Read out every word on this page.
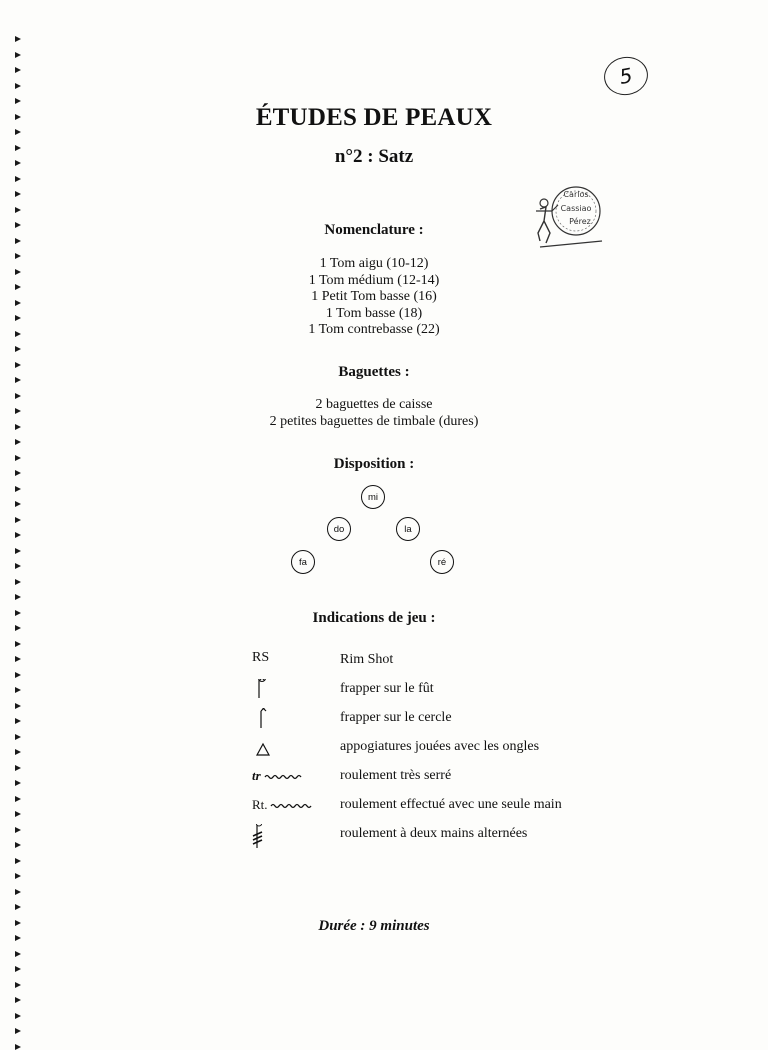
5
ÉTUDES DE PEAUX
n°2 : Satz
Carlos
Cassiao
Pérez
Nomenclature :
1 Tom aigu (10-12)
1 Tom médium (12-14)
1 Petit Tom basse (16)
1 Tom basse (18)
1 Tom contrebasse (22)
Baguettes :
2 baguettes de caisse
2 petites baguettes de timbale (dures)
Disposition :
mi
do	la
fa	ré
Indications de jeu :
RS	Rim Shot
frapper sur le fût
frapper sur le cercle
appogiatures jouées avec les ongles
tr	roulement très serré
Rt.	roulement effectué avec une seule main
roulement à deux mains alternées
Durée : 9 minutes
